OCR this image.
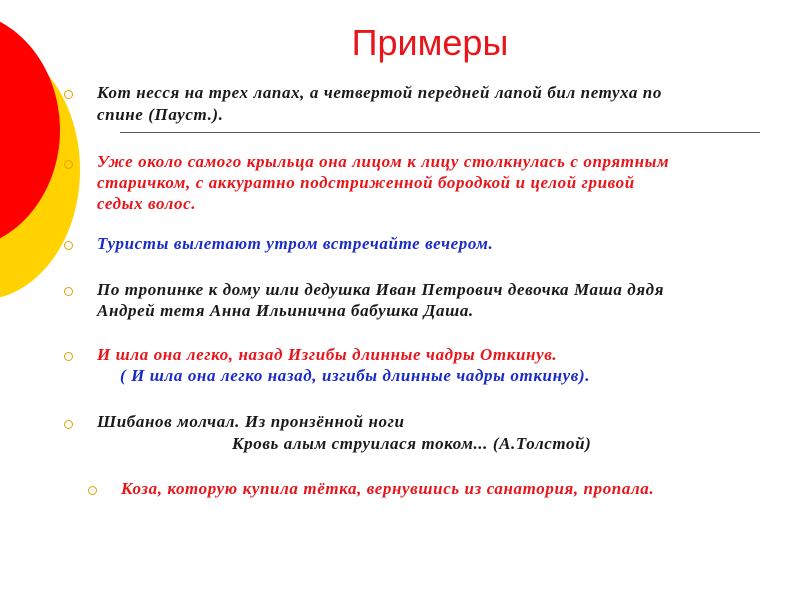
Примеры
Кот несся на трех лапах, а четвертой передней лапой бил петуха по
спине (Пауст.).
Уже около самого крыльца она лицом к лицу столкнулась с опрятным
старичком, с аккуратно подстриженной бородкой и целой гривой
седых волос.
Туристы вылетают утром встречайте вечером.
По тропинке к дому шли дедушка Иван Петрович девочка Маша дядя
Андрей тетя Анна Ильинична бабушка Даша.
И шла она легко, назад Изгибы длинные чадры Откинув.
( И шла она легко назад, изгибы длинные чадры откинув).
Шибанов молчал. Из пронзённой ноги
Кровь алым струилася током... (А.Толстой)
Коза, которую купила тётка, вернувшись из санатория, пропала.
